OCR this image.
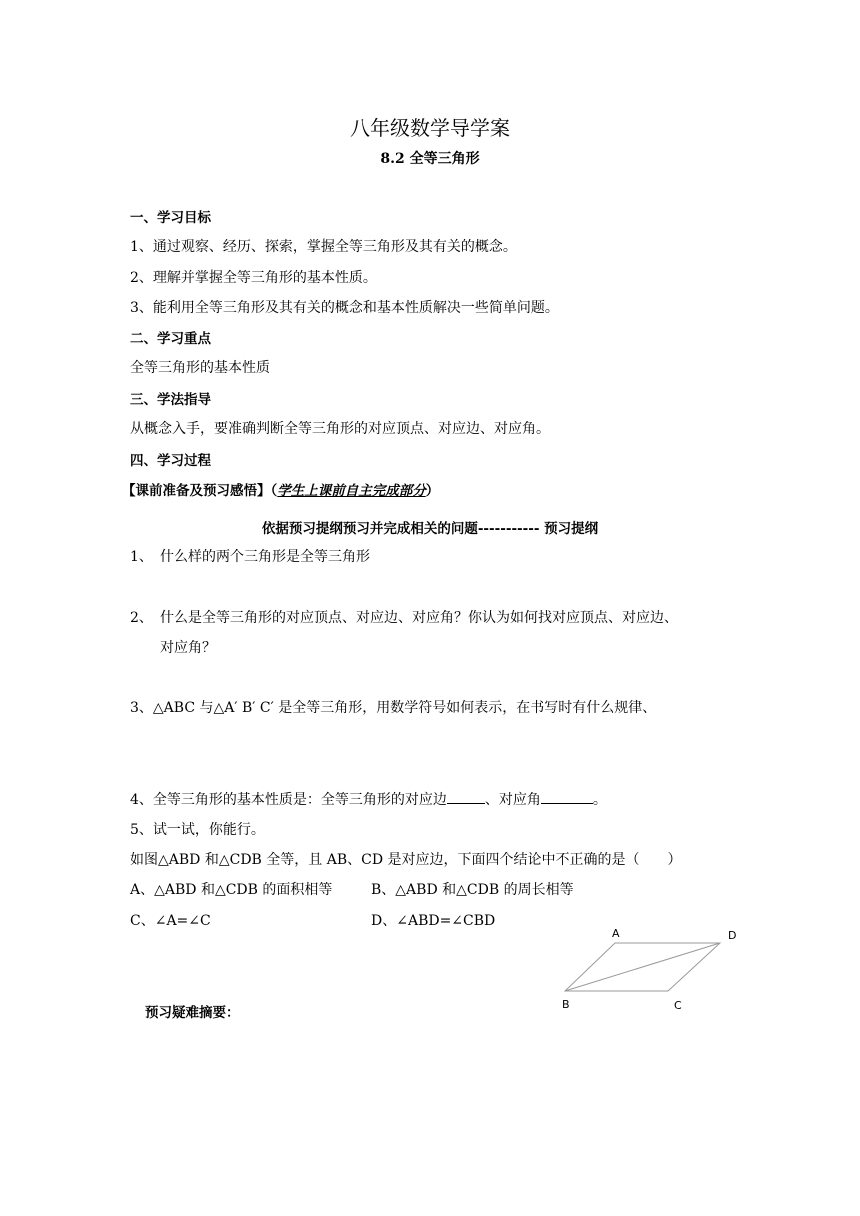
八年级数学导学案
8.2 全等三角形
一、学习目标
1、通过观察、经历、探索，掌握全等三角形及其有关的概念。
2、理解并掌握全等三角形的基本性质。
3、能利用全等三角形及其有关的概念和基本性质解决一些简单问题。
二、学习重点
全等三角形的基本性质
三、学法指导
从概念入手，要准确判断全等三角形的对应顶点、对应边、对应角。
四、学习过程
【课前准备及预习感悟】（学生上课前自主完成部分）
依据预习提纲预习并完成相关的问题----------- 预习提纲
1、 什么样的两个三角形是全等三角形
2、 什么是全等三角形的对应顶点、对应边、对应角？你认为如何找对应顶点、对应边、
对应角？
3、△ABC 与△A′ B′ C′ 是全等三角形，用数学符号如何表示，在书写时有什么规律、
4、全等三角形的基本性质是：全等三角形的对应边	、对应角	。
5、试一试，你能行。
如图△ABD 和△CDB 全等，且 AB、CD 是对应边，下面四个结论中不正确的是（　　）
A、△ABD 和△CDB 的面积相等	B、△ABD 和△CDB 的周长相等
C、∠A=∠C	D、∠ABD=∠CBD
A	D
B	C
预习疑难摘要：
